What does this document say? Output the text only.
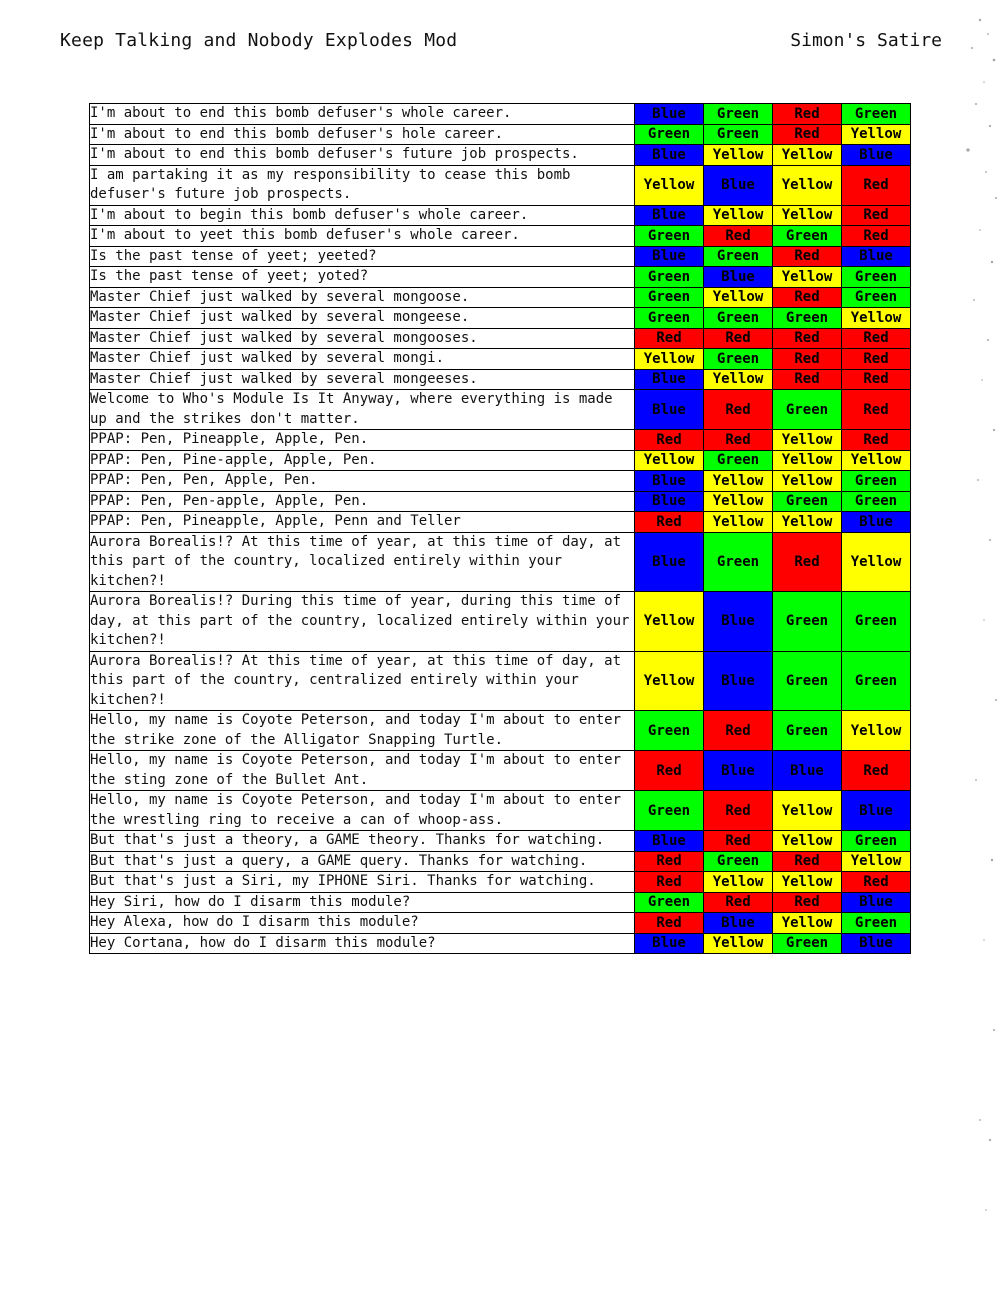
Keep Talking and Nobody Explodes Mod	Simon's Satire
I'm about to end this bomb defuser's whole career.	Blue	Green	Red	Green
I'm about to end this bomb defuser's hole career.	Green	Green	Red	Yellow
I'm about to end this bomb defuser's future job prospects.	Blue	Yellow	Yellow	Blue
I am partaking it as my responsibility to cease this bomb defuser's future job prospects.	Yellow	Blue	Yellow	Red
I'm about to begin this bomb defuser's whole career.	Blue	Yellow	Yellow	Red
I'm about to yeet this bomb defuser's whole career.	Green	Red	Green	Red
Is the past tense of yeet; yeeted?	Blue	Green	Red	Blue
Is the past tense of yeet; yoted?	Green	Blue	Yellow	Green
Master Chief just walked by several mongoose.	Green	Yellow	Red	Green
Master Chief just walked by several mongeese.	Green	Green	Green	Yellow
Master Chief just walked by several mongooses.	Red	Red	Red	Red
Master Chief just walked by several mongi.	Yellow	Green	Red	Red
Master Chief just walked by several mongeeses.	Blue	Yellow	Red	Red
Welcome to Who's Module Is It Anyway, where everything is made up and the strikes don't matter.	Blue	Red	Green	Red
PPAP: Pen, Pineapple, Apple, Pen.	Red	Red	Yellow	Red
PPAP: Pen, Pine-apple, Apple, Pen.	Yellow	Green	Yellow	Yellow
PPAP: Pen, Pen, Apple, Pen.	Blue	Yellow	Yellow	Green
PPAP: Pen, Pen-apple, Apple, Pen.	Blue	Yellow	Green	Green
PPAP: Pen, Pineapple, Apple, Penn and Teller	Red	Yellow	Yellow	Blue
Aurora Borealis!? At this time of year, at this time of day, at this part of the country, localized entirely within your kitchen?!	Blue	Green	Red	Yellow
Aurora Borealis!? During this time of year, during this time of day, at this part of the country, localized entirely within your kitchen?!	Yellow	Blue	Green	Green
Aurora Borealis!? At this time of year, at this time of day, at this part of the country, centralized entirely within your kitchen?!	Yellow	Blue	Green	Green
Hello, my name is Coyote Peterson, and today I'm about to enter the strike zone of the Alligator Snapping Turtle.	Green	Red	Green	Yellow
Hello, my name is Coyote Peterson, and today I'm about to enter the sting zone of the Bullet Ant.	Red	Blue	Blue	Red
Hello, my name is Coyote Peterson, and today I'm about to enter the wrestling ring to receive a can of whoop-ass.	Green	Red	Yellow	Blue
But that's just a theory, a GAME theory. Thanks for watching.	Blue	Red	Yellow	Green
But that's just a query, a GAME query. Thanks for watching.	Red	Green	Red	Yellow
But that's just a Siri, my IPHONE Siri. Thanks for watching.	Red	Yellow	Yellow	Red
Hey Siri, how do I disarm this module?	Green	Red	Red	Blue
Hey Alexa, how do I disarm this module?	Red	Blue	Yellow	Green
Hey Cortana, how do I disarm this module?	Blue	Yellow	Green	Blue
